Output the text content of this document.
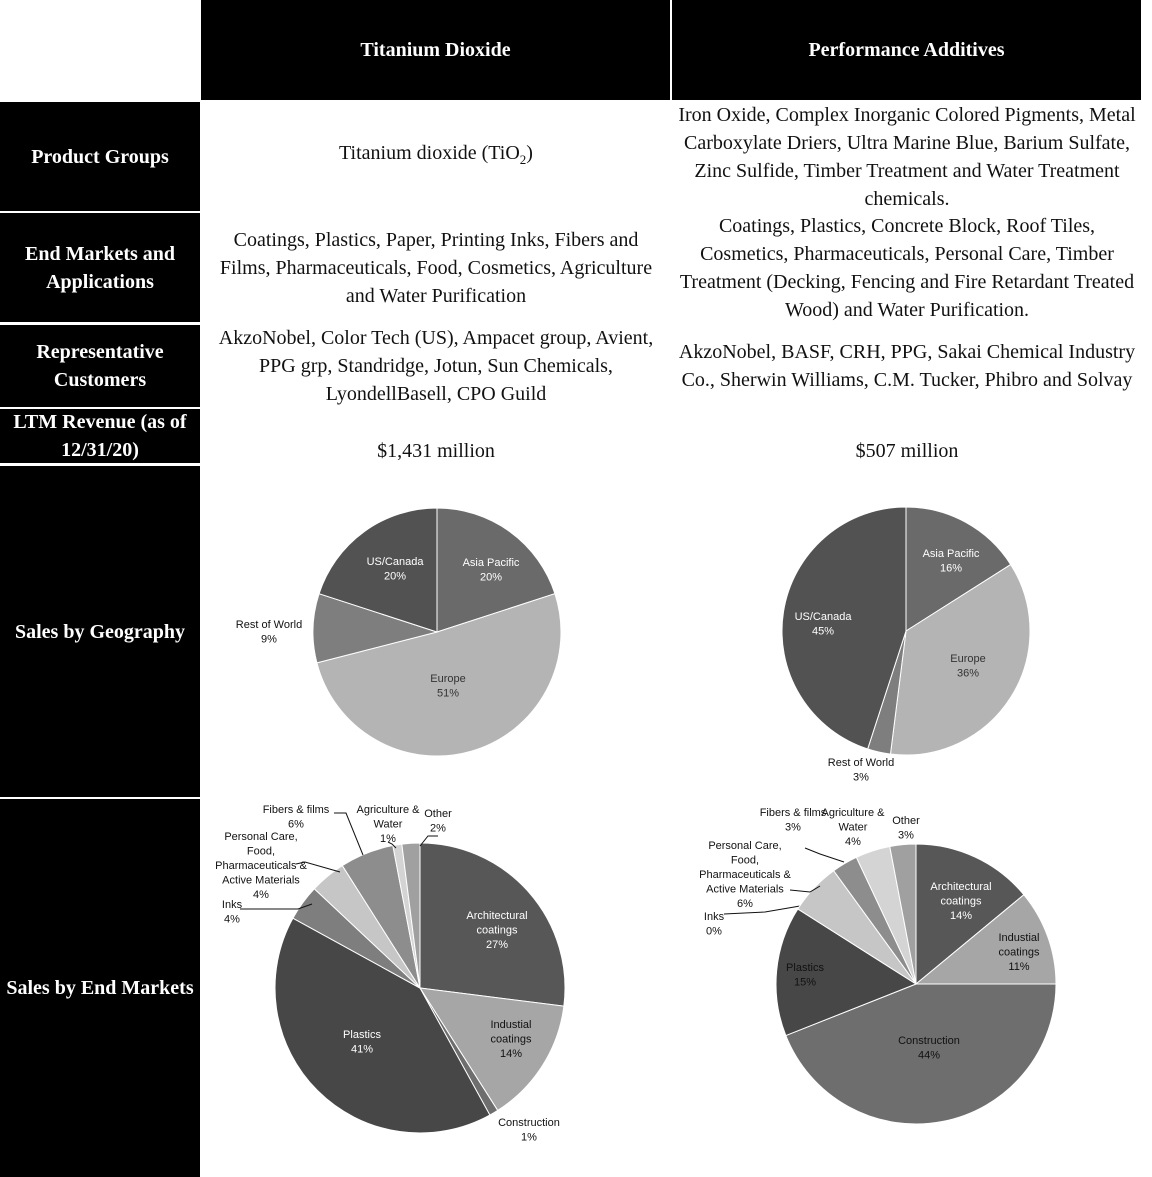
Titanium Dioxide	Performance Additives
Product Groups
End Markets and Applications
Representative Customers
LTM Revenue (as of 12/31/20)
Sales by Geography
Sales by End Markets
Titanium dioxide (TiO$_2$)
Iron Oxide, Complex Inorganic Colored Pigments, Metal Carboxylate Driers, Ultra Marine Blue, Barium Sulfate, Zinc Sulfide, Timber Treatment and Water Treatment chemicals.
Coatings, Plastics, Paper, Printing Inks, Fibers and Films, Pharmaceuticals, Food, Cosmetics, Agriculture and Water Purification
Coatings, Plastics, Concrete Block, Roof Tiles, Cosmetics, Pharmaceuticals, Personal Care, Timber Treatment (Decking, Fencing and Fire Retardant Treated Wood) and Water Purification.
AkzoNobel, Color Tech (US), Ampacet group, Avient, PPG grp, Standridge, Jotun, Sun Chemicals, LyondellBasell, CPO Guild
AkzoNobel, BASF, CRH, PPG, Sakai Chemical Industry Co., Sherwin Williams, C.M. Tucker, Phibro and Solvay
$1,431 million	$507 million
Asia Pacific 20%
Europe 51%
Rest of World 9%
US/Canada 20%
Asia Pacific 16%
Europe 36%
Rest of World 3%
US/Canada 45%
Architectural coatings 27%
Industial coatings 14%
Construction 1%
Plastics 41%
Inks 4%
Personal Care, Food, Pharmaceuticals & Active Materials 4%
Fibers & films 6%
Agriculture & Water 1%
Other 2%
Architectural coatings 14%
Industial coatings 11%
Construction 44%
Plastics 15%
Inks 0%
Personal Care, Food, Pharmaceuticals & Active Materials 6%
Fibers & films 3%
Agriculture & Water 4%
Other 3%
